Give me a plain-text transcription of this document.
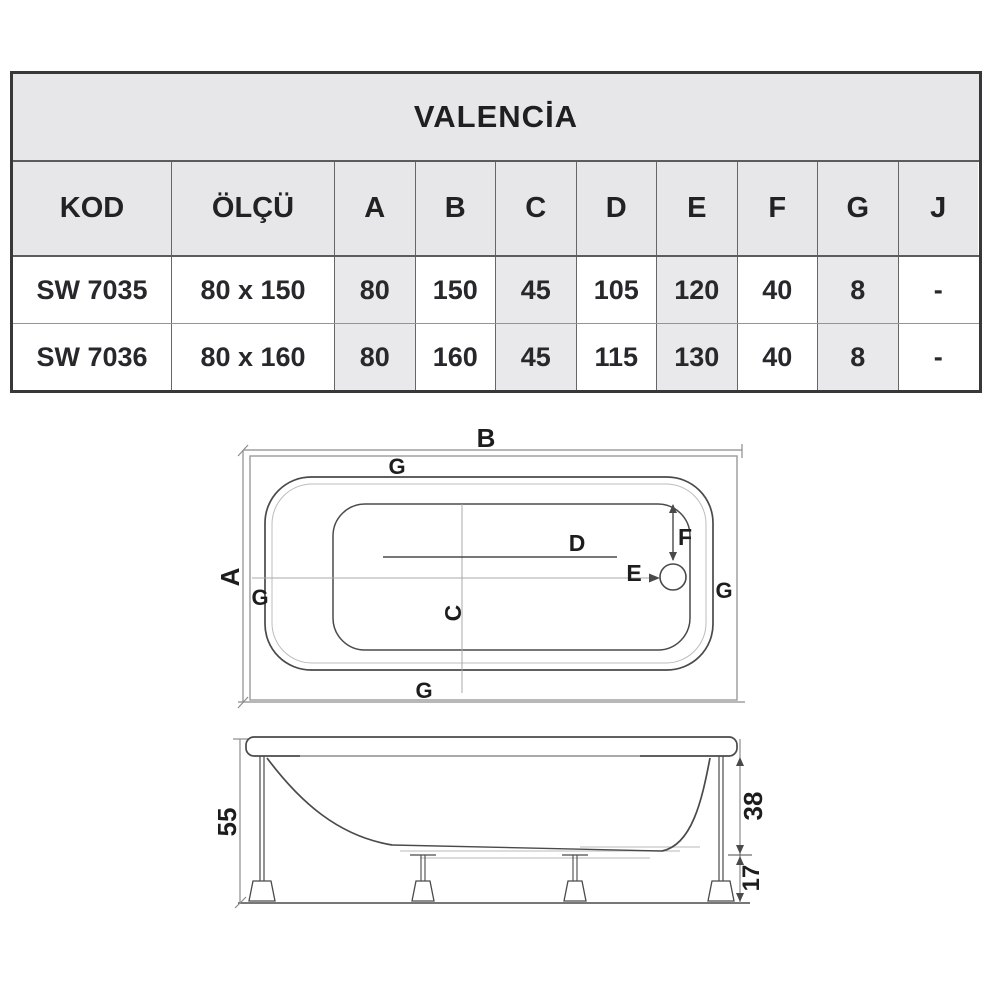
VALENCİA
KOD	ÖLÇÜ	A	B	C	D	E	F	G	J
SW 7035	80 x 150	80	150	45	105	120	40	8	-
SW 7036	80 x 160	80	160	45	115	130	40	8	-
B
G
A
G
C
D
E
F
G
G
55
38
17
